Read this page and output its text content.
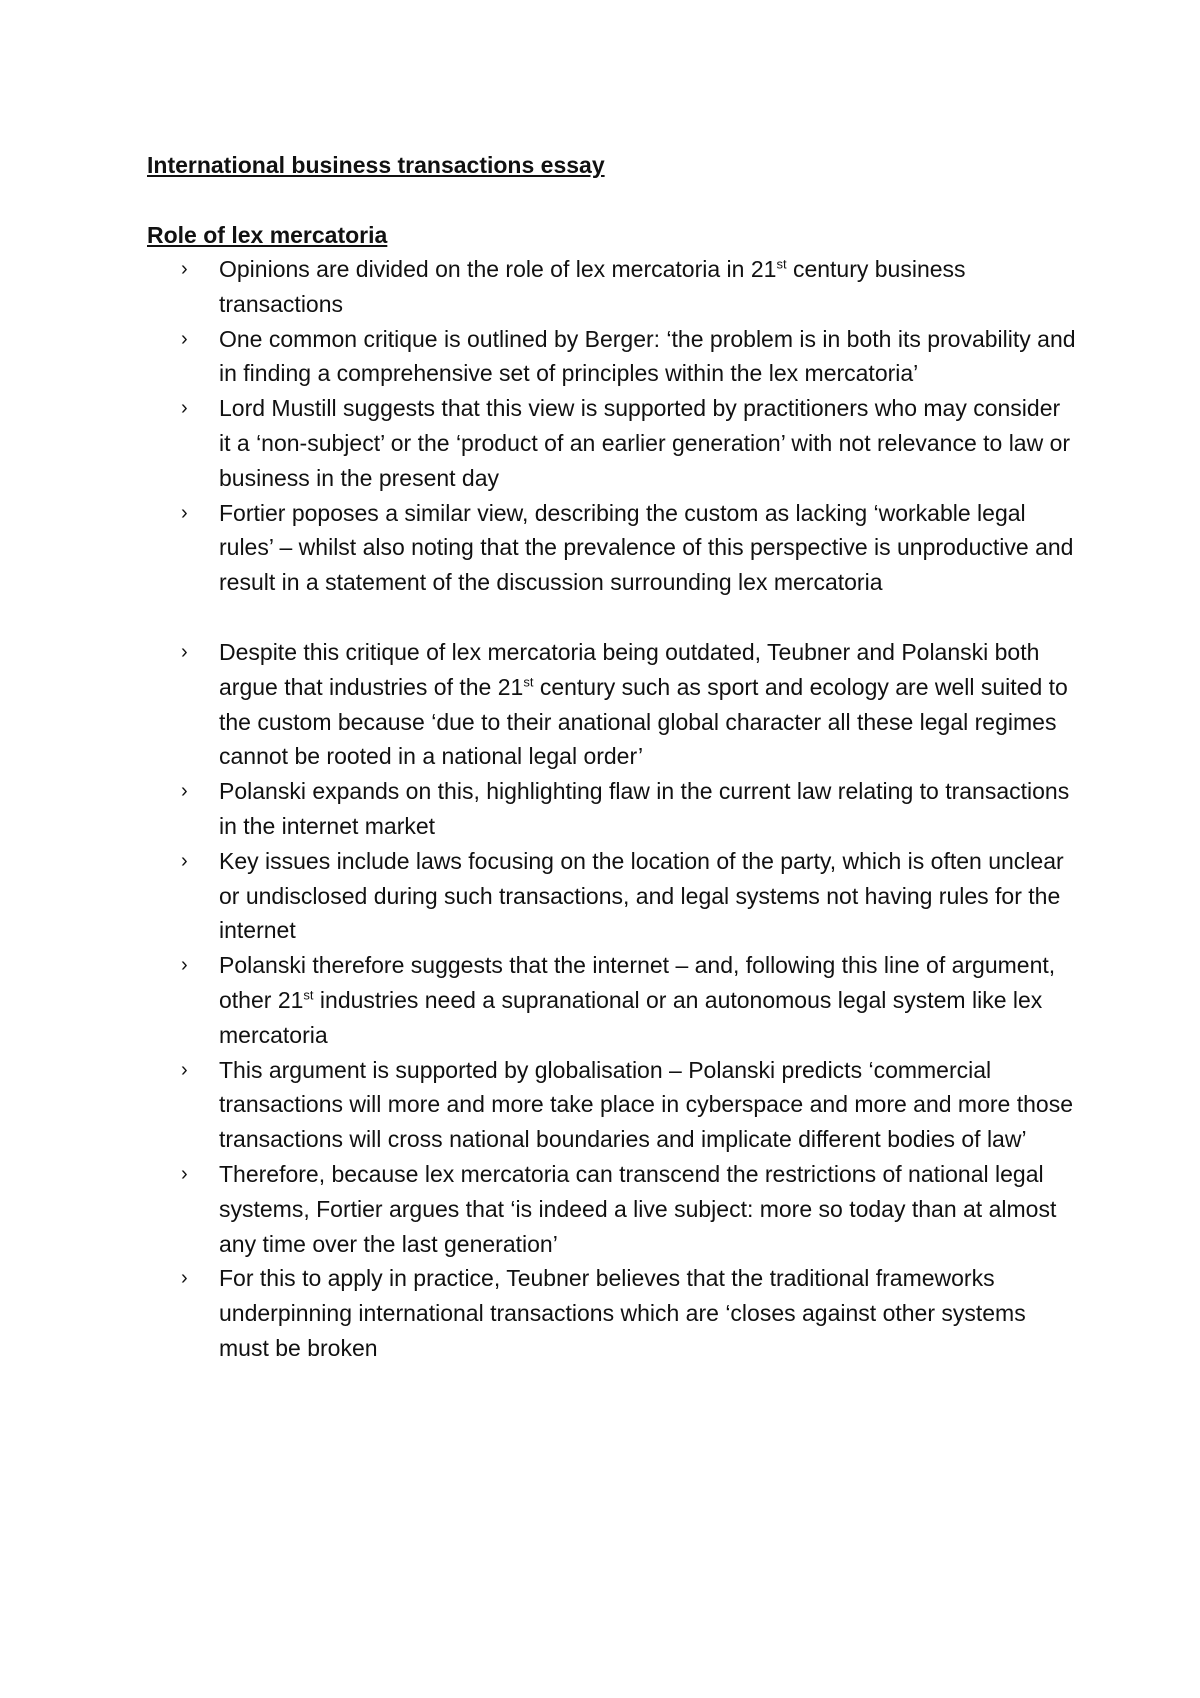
International business transactions essay
Role of lex mercatoria
› Opinions are divided on the role of lex mercatoria in 21st century business transactions
› One common critique is outlined by Berger: ‘the problem is in both its provability and in finding a comprehensive set of principles within the lex mercatoria’
› Lord Mustill suggests that this view is supported by practitioners who may consider it a ‘non-subject’ or the ‘product of an earlier generation’ with not relevance to law or business in the present day
› Fortier poposes a similar view, describing the custom as lacking ‘workable legal rules’ – whilst also noting that the prevalence of this perspective is unproductive and result in a statement of the discussion surrounding lex mercatoria
› Despite this critique of lex mercatoria being outdated, Teubner and Polanski both argue that industries of the 21st century such as sport and ecology are well suited to the custom because ‘due to their anational global character all these legal regimes cannot be rooted in a national legal order’
› Polanski expands on this, highlighting flaw in the current law relating to transactions in the internet market
› Key issues include laws focusing on the location of the party, which is often unclear or undisclosed during such transactions, and legal systems not having rules for the internet
› Polanski therefore suggests that the internet – and, following this line of argument, other 21st industries need a supranational or an autonomous legal system like lex mercatoria
› This argument is supported by globalisation – Polanski predicts ‘commercial transactions will more and more take place in cyberspace and more and more those transactions will cross national boundaries and implicate different bodies of law’
› Therefore, because lex mercatoria can transcend the restrictions of national legal systems, Fortier argues that ‘is indeed a live subject: more so today than at almost any time over the last generation’
› For this to apply in practice, Teubner believes that the traditional frameworks underpinning international transactions which are ‘closes against other systems must be broken
